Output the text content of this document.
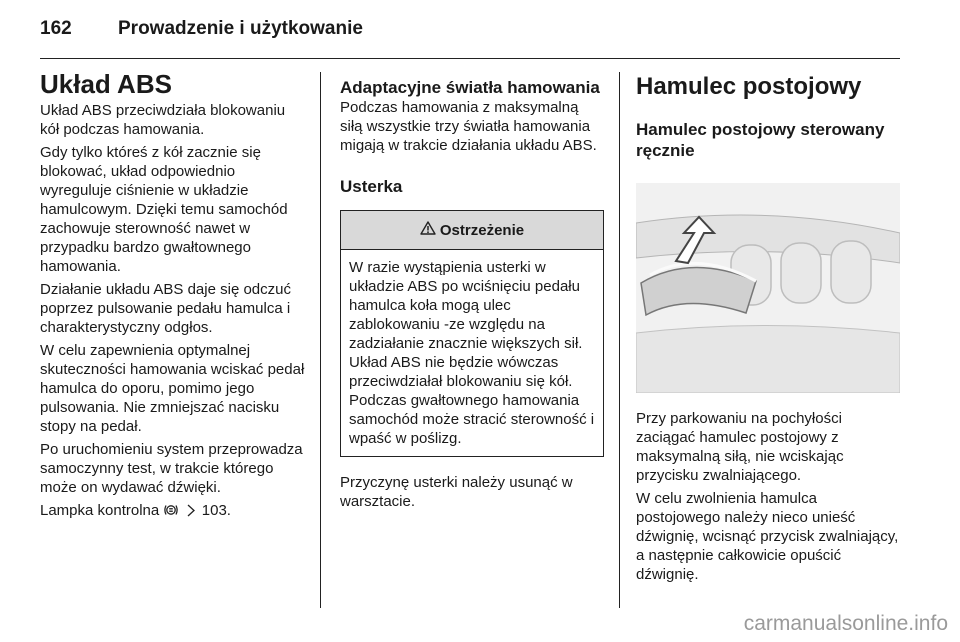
162 Prowadzenie i użytkowanie
Układ ABS

Układ ABS przeciwdziała blokowaniu kół podczas hamowania.

Gdy tylko któreś z kół zacznie się blokować, układ odpowiednio wyreguluje ciśnienie w układzie hamulcowym. Dzięki temu samochód zachowuje sterowność nawet w przypadku bardzo gwałtownego hamowania.

Działanie układu ABS daje się odczuć poprzez pulsowanie pedału hamulca i charakterystyczny odgłos.

W celu zapewnienia optymalnej skuteczności hamowania wciskać pedał hamulca do oporu, pomimo jego pulsowania. Nie zmniejszać nacisku stopy na pedał.

Po uruchomieniu system przeprowadza samoczynny test, w trakcie którego może on wydawać dźwięki.

Lampka kontrolna	103.

Adaptacyjne światła hamowania

Podczas hamowania z maksymalną siłą wszystkie trzy światła hamowania migają w trakcie działania układu ABS.

Usterka
Ostrzeżenie

W razie wystąpienia usterki w układzie ABS po wciśnięciu pedału hamulca koła mogą ulec zablokowaniu -ze względu na zadziałanie znacznie większych sił. Układ ABS nie będzie wówczas przeciwdziałał blokowaniu się kół. Podczas gwałtownego hamowania samochód może stracić sterowność i wpaść w poślizg.

Przyczynę usterki należy usunąć w warsztacie.

Hamulec postojowy
Hamulec postojowy sterowany ręcznie

Przy parkowaniu na pochyłości zaciągać hamulec postojowy z maksymalną siłą, nie wciskając przycisku zwalniającego.

W celu zwolnienia hamulca postojowego należy nieco unieść dźwignię, wcisnąć przycisk zwalniający, a następnie całkowicie opuścić dźwignię.

carmanualsonline.info
